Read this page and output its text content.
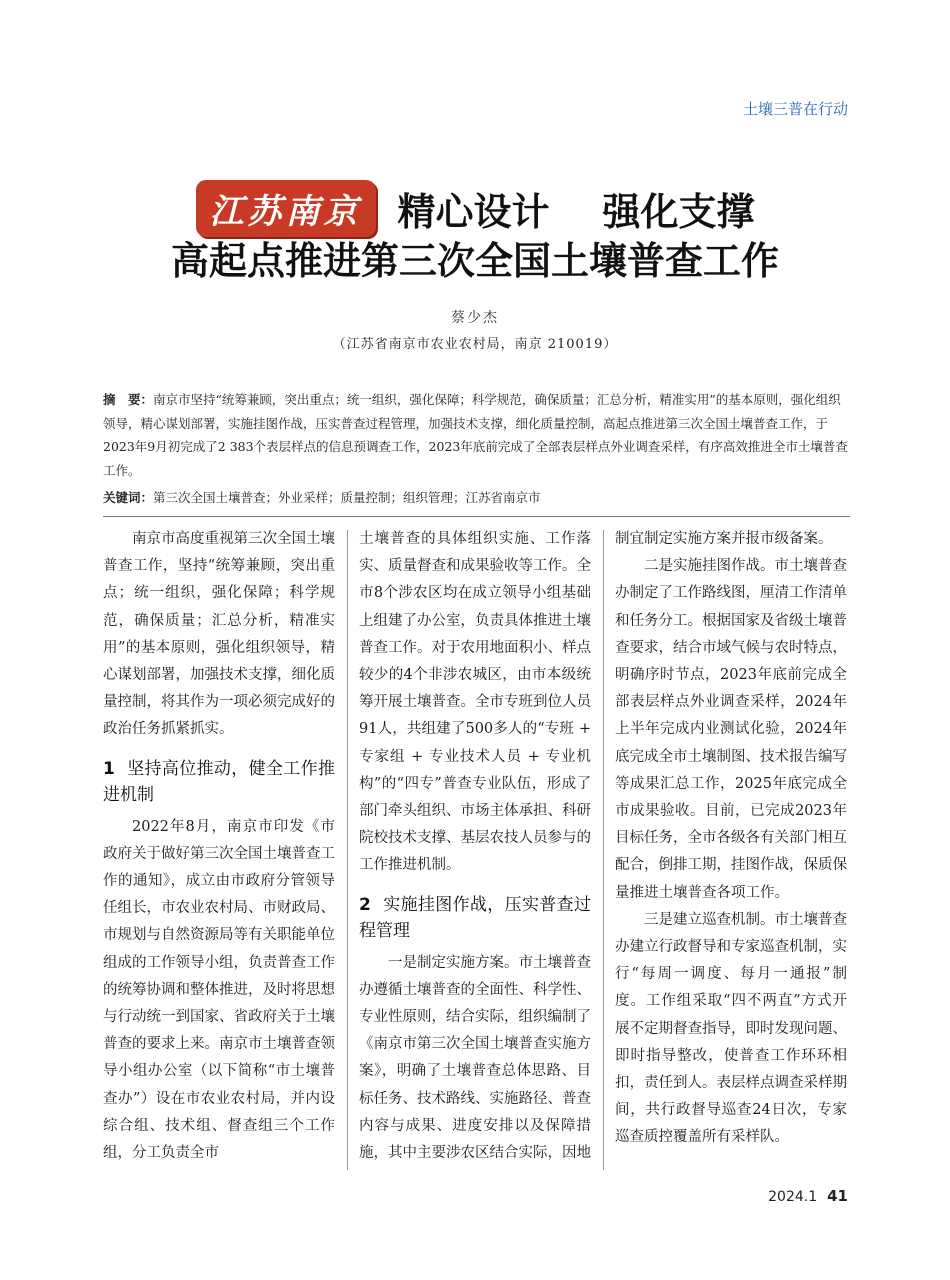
土壤三普在行动
江苏南京 精心设计    强化支撑
高起点推进第三次全国土壤普查工作
蔡少杰
（江苏省南京市农业农村局，南京 210019）
摘　要：南京市坚持“统筹兼顾，突出重点；统一组织，强化保障；科学规范，确保质量；汇总分析，精准实用”的基本原则，强化组织领导，精心谋划部署，实施挂图作战，压实普查过程管理，加强技术支撑，细化质量控制，高起点推进第三次全国土壤普查工作，于2023年9月初完成了2 383个表层样点的信息预调查工作，2023年底前完成了全部表层样点外业调查采样，有序高效推进全市土壤普查工作。
关键词：第三次全国土壤普查；外业采样；质量控制；组织管理；江苏省南京市

南京市高度重视第三次全国土壤普查工作，坚持“统筹兼顾，突出重点；统一组织，强化保障；科学规范，确保质量；汇总分析，精准实用”的基本原则，强化组织领导，精心谋划部署，加强技术支撑，细化质量控制，将其作为一项必须完成好的政治任务抓紧抓实。

1 坚持高位推动，健全工作推进机制

2022年8月，南京市印发《市政府关于做好第三次全国土壤普查工作的通知》，成立由市政府分管领导任组长，市农业农村局、市财政局、市规划与自然资源局等有关职能单位组成的工作领导小组，负责普查工作的统筹协调和整体推进，及时将思想与行动统一到国家、省政府关于土壤普查的要求上来。南京市土壤普查领导小组办公室（以下简称“市土壤普查办”）设在市农业农村局，并内设综合组、技术组、督查组三个工作组，分工负责全市

土壤普查的具体组织实施、工作落实、质量督查和成果验收等工作。全市8个涉农区均在成立领导小组基础上组建了办公室，负责具体推进土壤普查工作。对于农用地面积小、样点较少的4个非涉农城区，由市本级统筹开展土壤普查。全市专班到位人员91人，共组建了500多人的“专班 + 专家组 + 专业技术人员 + 专业机构”的“四专”普查专业队伍，形成了部门牵头组织、市场主体承担、科研院校技术支撑、基层农技人员参与的工作推进机制。

2 实施挂图作战，压实普查过程管理

一是制定实施方案。市土壤普查办遵循土壤普查的全面性、科学性、专业性原则，结合实际，组织编制了《南京市第三次全国土壤普查实施方案》，明确了土壤普查总体思路、目标任务、技术路线、实施路径、普查内容与成果、进度安排以及保障措施，其中主要涉农区结合实际，因地

制宜制定实施方案并报市级备案。

二是实施挂图作战。市土壤普查办制定了工作路线图，厘清工作清单和任务分工。根据国家及省级土壤普查要求，结合市域气候与农时特点，明确序时节点，2023年底前完成全部表层样点外业调查采样，2024年上半年完成内业测试化验，2024年底完成全市土壤制图、技术报告编写等成果汇总工作，2025年底完成全市成果验收。目前，已完成2023年目标任务，全市各级各有关部门相互配合，倒排工期，挂图作战，保质保量推进土壤普查各项工作。

三是建立巡查机制。市土壤普查办建立行政督导和专家巡查机制，实行“每周一调度、每月一通报”制度。工作组采取“四不两直”方式开展不定期督查指导，即时发现问题、即时指导整改，使普查工作环环相扣，责任到人。表层样点调查采样期间，共行政督导巡查24日次，专家巡查质控覆盖所有采样队。

2024.1 41
